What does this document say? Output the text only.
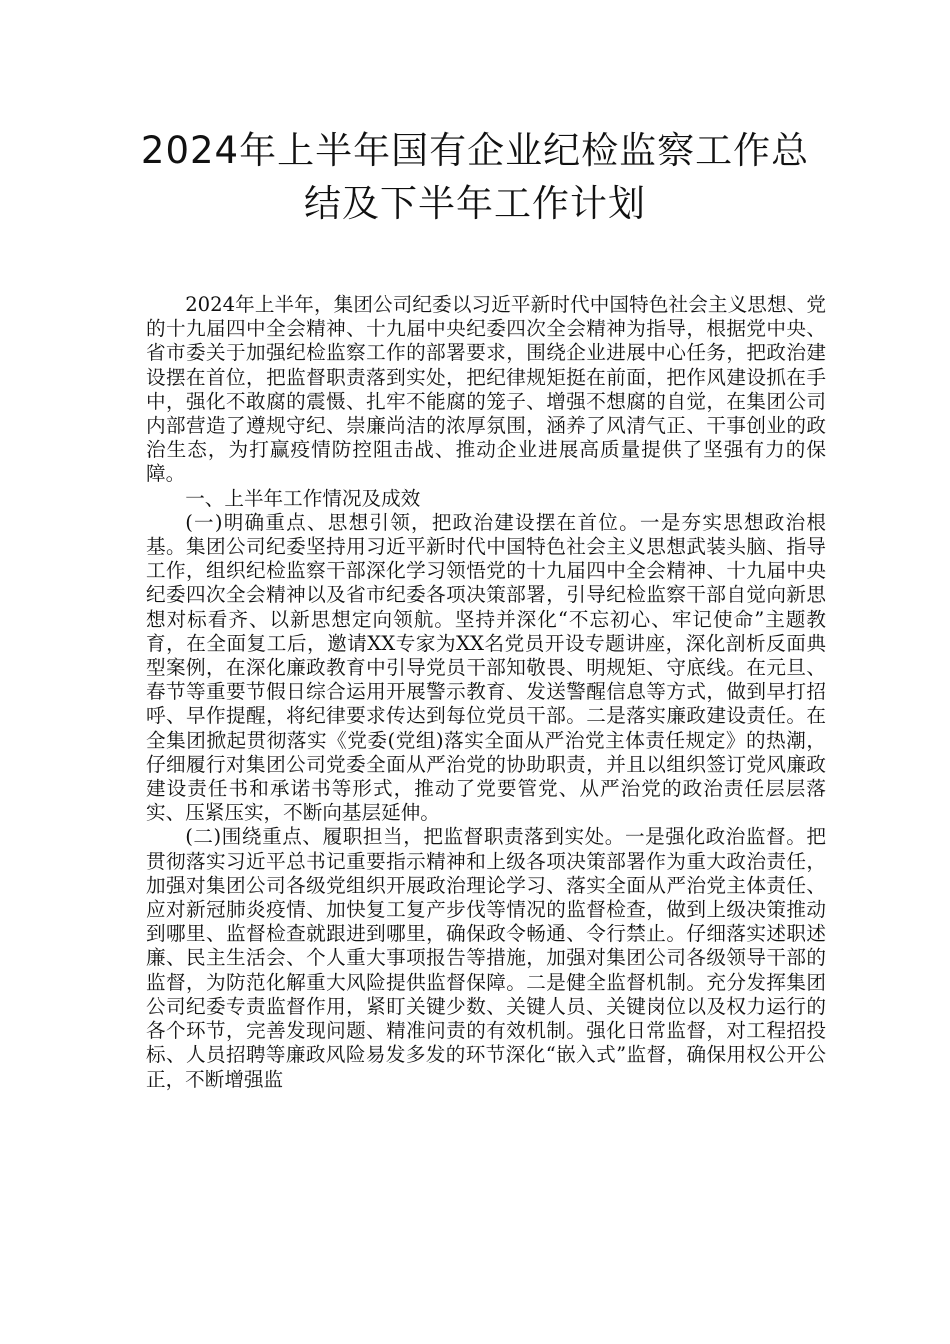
2024年上半年国有企业纪检监察工作总
结及下半年工作计划

2024年上半年，集团公司纪委以习近平新时代中国特色社会主义思想、党的十九届四中全会精神、十九届中央纪委四次全会精神为指导，根据党中央、省市委关于加强纪检监察工作的部署要求，围绕企业进展中心任务，把政治建设摆在首位，把监督职责落到实处，把纪律规矩挺在前面，把作风建设抓在手中，强化不敢腐的震慑、扎牢不能腐的笼子、增强不想腐的自觉，在集团公司内部营造了遵规守纪、崇廉尚洁的浓厚氛围，涵养了风清气正、干事创业的政治生态，为打赢疫情防控阻击战、推动企业进展高质量提供了坚强有力的保障。

一、上半年工作情况及成效

(一)明确重点、思想引领，把政治建设摆在首位。一是夯实思想政治根基。集团公司纪委坚持用习近平新时代中国特色社会主义思想武装头脑、指导工作，组织纪检监察干部深化学习领悟党的十九届四中全会精神、十九届中央纪委四次全会精神以及省市纪委各项决策部署，引导纪检监察干部自觉向新思想对标看齐、以新思想定向领航。坚持并深化“不忘初心、牢记使命”主题教育，在全面复工后，邀请XX专家为XX名党员开设专题讲座，深化剖析反面典型案例，在深化廉政教育中引导党员干部知敬畏、明规矩、守底线。在元旦、春节等重要节假日综合运用开展警示教育、发送警醒信息等方式，做到早打招呼、早作提醒，将纪律要求传达到每位党员干部。二是落实廉政建设责任。在全集团掀起贯彻落实《党委(党组)落实全面从严治党主体责任规定》的热潮，仔细履行对集团公司党委全面从严治党的协助职责，并且以组织签订党风廉政建设责任书和承诺书等形式，推动了党要管党、从严治党的政治责任层层落实、压紧压实，不断向基层延伸。

(二)围绕重点、履职担当，把监督职责落到实处。一是强化政治监督。把贯彻落实习近平总书记重要指示精神和上级各项决策部署作为重大政治责任，加强对集团公司各级党组织开展政治理论学习、落实全面从严治党主体责任、应对新冠肺炎疫情、加快复工复产步伐等情况的监督检查，做到上级决策推动到哪里、监督检查就跟进到哪里，确保政令畅通、令行禁止。仔细落实述职述廉、民主生活会、个人重大事项报告等措施，加强对集团公司各级领导干部的监督，为防范化解重大风险提供监督保障。二是健全监督机制。充分发挥集团公司纪委专责监督作用，紧盯关键少数、关键人员、关键岗位以及权力运行的各个环节，完善发现问题、精准问责的有效机制。强化日常监督，对工程招投标、人员招聘等廉政风险易发多发的环节深化“嵌入式”监督，确保用权公开公正，不断增强监
